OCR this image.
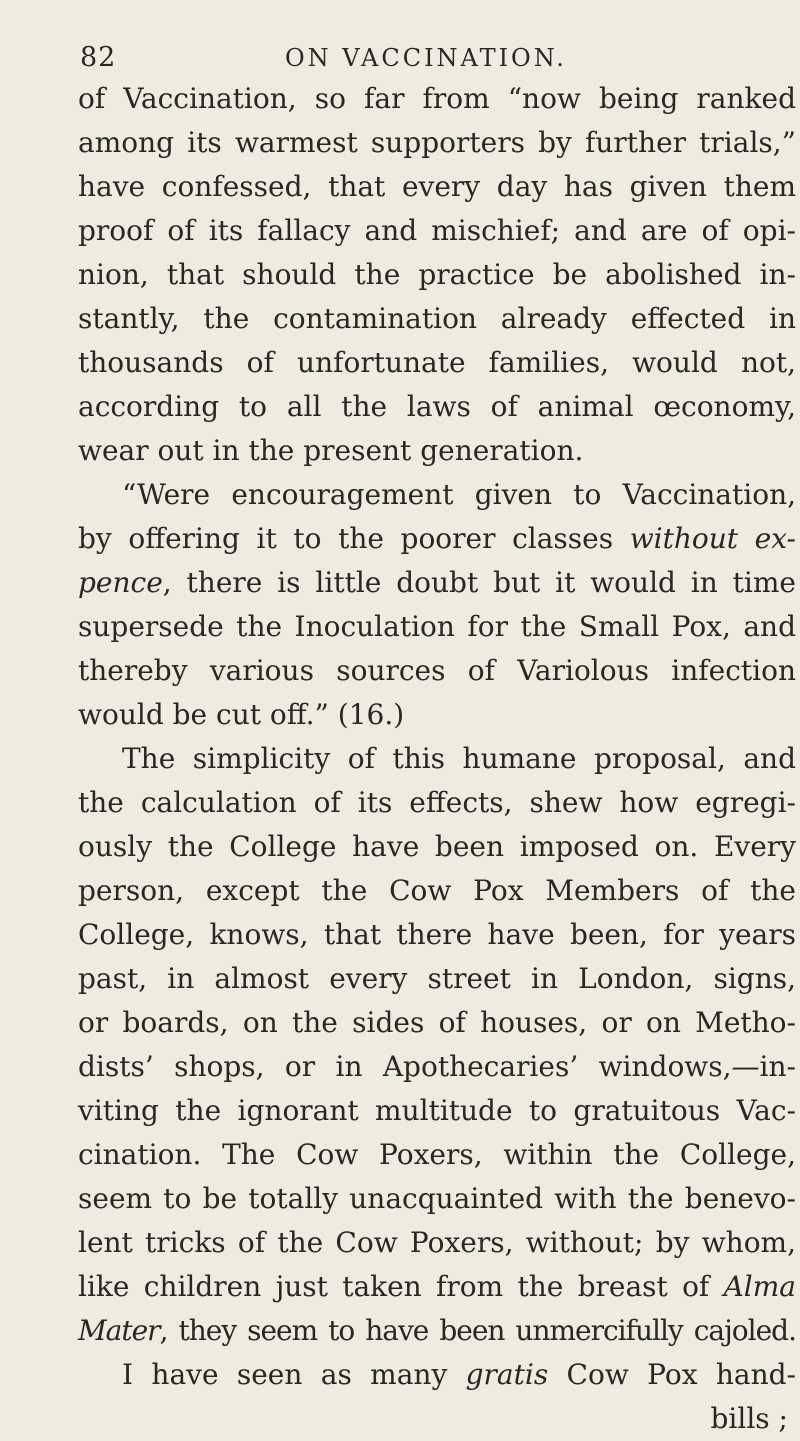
82	ON VACCINATION.
of Vaccination, so far from “now being ranked
among its warmest supporters by further trials,”
have confessed, that every day has given them
proof of its fallacy and mischief; and are of opi-
nion, that should the practice be abolished in-
stantly, the contamination already effected in
thousands of unfortunate families, would not,
according to all the laws of animal œconomy,
wear out in the present generation.
“Were encouragement given to Vaccination,
by offering it to the poorer classes without ex-
pence, there is little doubt but it would in time
supersede the Inoculation for the Small Pox, and
thereby various sources of Variolous infection
would be cut off.” (16.)
The simplicity of this humane proposal, and
the calculation of its effects, shew how egregi-
ously the College have been imposed on. Every
person, except the Cow Pox Members of the
College, knows, that there have been, for years
past, in almost every street in London, signs,
or boards, on the sides of houses, or on Metho-
dists’ shops, or in Apothecaries’ windows,—in-
viting the ignorant multitude to gratuitous Vac-
cination. The Cow Poxers, within the College,
seem to be totally unacquainted with the benevo-
lent tricks of the Cow Poxers, without; by whom,
like children just taken from the breast of Alma
Mater, they seem to have been unmercifully cajoled.
I have seen as many gratis Cow Pox hand-
bills ;
